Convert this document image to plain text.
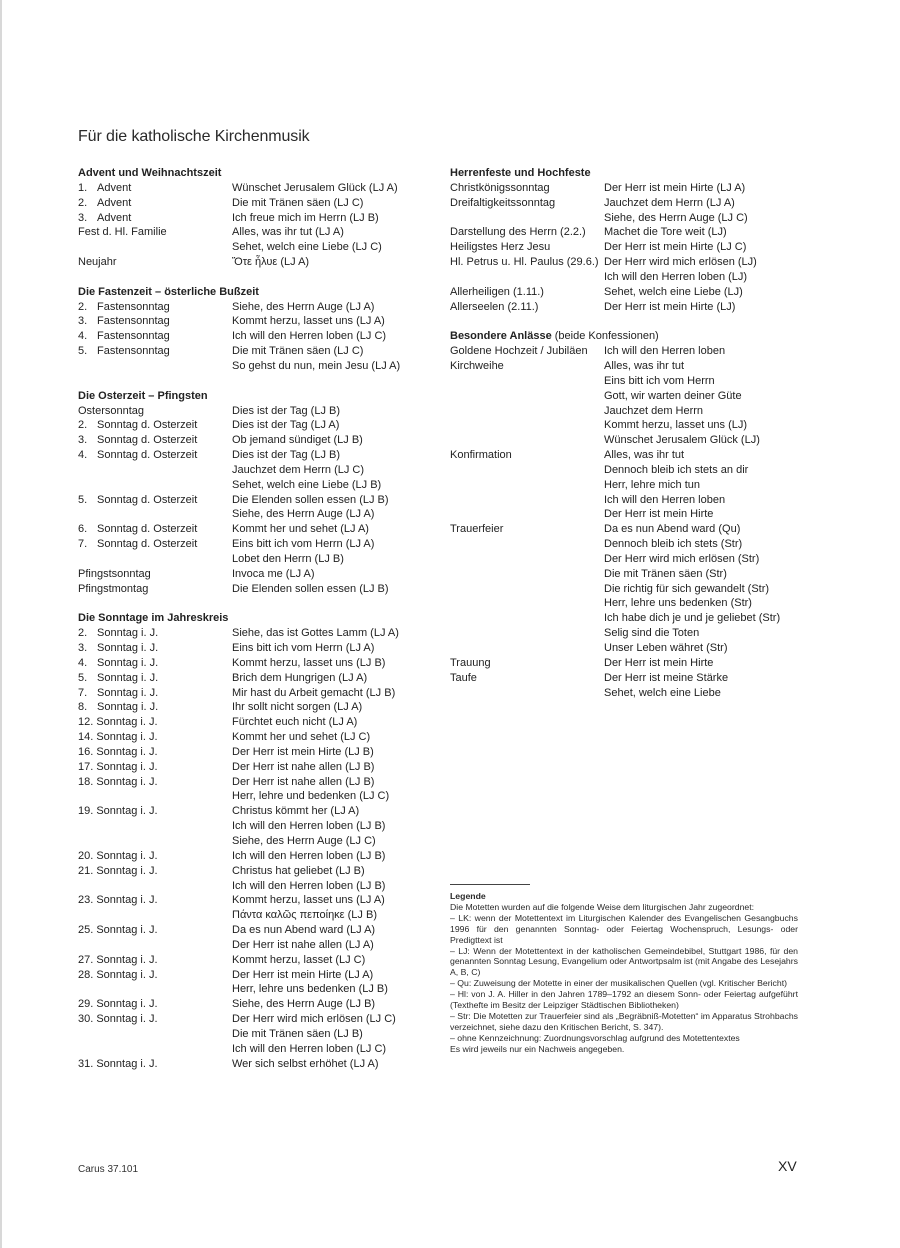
Für die katholische Kirchenmusik
Advent und Weihnachtszeit
1. Advent	Wünschet Jerusalem Glück (LJ A)
2. Advent	Die mit Tränen säen (LJ C)
3. Advent	Ich freue mich im Herrn (LJ B)
Fest d. Hl. Familie	Alles, was ihr tut (LJ A)
Sehet, welch eine Liebe (LJ C)
Neujahr	Ὅτε ἦλυε (LJ A)
Die Fastenzeit – österliche Bußzeit
2. Fastensonntag	Siehe, des Herrn Auge (LJ A)
3. Fastensonntag	Kommt herzu, lasset uns (LJ A)
4. Fastensonntag	Ich will den Herren loben (LJ C)
5. Fastensonntag	Die mit Tränen säen (LJ C)
So gehst du nun, mein Jesu (LJ A)
Die Osterzeit – Pfingsten
Ostersonntag	Dies ist der Tag (LJ B)
2. Sonntag d. Osterzeit	Dies ist der Tag (LJ A)
3. Sonntag d. Osterzeit	Ob jemand sündiget (LJ B)
4. Sonntag d. Osterzeit	Dies ist der Tag (LJ B)
Jauchzet dem Herrn (LJ C)
Sehet, welch eine Liebe (LJ B)
5. Sonntag d. Osterzeit	Die Elenden sollen essen (LJ B)
Siehe, des Herrn Auge (LJ A)
6. Sonntag d. Osterzeit	Kommt her und sehet (LJ A)
7. Sonntag d. Osterzeit	Eins bitt ich vom Herrn (LJ A)
Lobet den Herrn (LJ B)
Pfingstsonntag	Invoca me (LJ A)
Pfingstmontag	Die Elenden sollen essen (LJ B)
Die Sonntage im Jahreskreis
2. Sonntag i. J.	Siehe, das ist Gottes Lamm (LJ A)
3. Sonntag i. J.	Eins bitt ich vom Herrn (LJ A)
4. Sonntag i. J.	Kommt herzu, lasset uns (LJ B)
5. Sonntag i. J.	Brich dem Hungrigen (LJ A)
7. Sonntag i. J.	Mir hast du Arbeit gemacht (LJ B)
8. Sonntag i. J.	Ihr sollt nicht sorgen (LJ A)
12. Sonntag i. J.	Fürchtet euch nicht (LJ A)
14. Sonntag i. J.	Kommt her und sehet (LJ C)
16. Sonntag i. J.	Der Herr ist mein Hirte (LJ B)
17. Sonntag i. J.	Der Herr ist nahe allen (LJ B)
18. Sonntag i. J.	Der Herr ist nahe allen (LJ B)
Herr, lehre und bedenken (LJ C)
19. Sonntag i. J.	Christus kömmt her (LJ A)
Ich will den Herren loben (LJ B)
Siehe, des Herrn Auge (LJ C)
20. Sonntag i. J.	Ich will den Herren loben (LJ B)
21. Sonntag i. J.	Christus hat geliebet (LJ B)
Ich will den Herren loben (LJ B)
23. Sonntag i. J.	Kommt herzu, lasset uns (LJ A)
Πάντα καλῶς πεποίηκε (LJ B)
25. Sonntag i. J.	Da es nun Abend ward (LJ A)
Der Herr ist nahe allen (LJ A)
27. Sonntag i. J.	Kommt herzu, lasset (LJ C)
28. Sonntag i. J.	Der Herr ist mein Hirte (LJ A)
Herr, lehre uns bedenken (LJ B)
29. Sonntag i. J.	Siehe, des Herrn Auge (LJ B)
30. Sonntag i. J.	Der Herr wird mich erlösen (LJ C)
Die mit Tränen säen (LJ B)
Ich will den Herren loben (LJ C)
31. Sonntag i. J.	Wer sich selbst erhöhet (LJ A)
Herrenfeste und Hochfeste
Christkönigssonntag	Der Herr ist mein Hirte (LJ A)
Dreifaltigkeitssonntag	Jauchzet dem Herrn (LJ A)
Siehe, des Herrn Auge (LJ C)
Darstellung des Herrn (2.2.)	Machet die Tore weit (LJ)
Heiligstes Herz Jesu	Der Herr ist mein Hirte (LJ C)
Hl. Petrus u. Hl. Paulus (29.6.) Der Herr wird mich erlösen (LJ)
Ich will den Herren loben (LJ)
Allerheiligen (1.11.)	Sehet, welch eine Liebe (LJ)
Allerseelen (2.11.)	Der Herr ist mein Hirte (LJ)
Besondere Anlässe (beide Konfessionen)
Goldene Hochzeit / Jubiläen	Ich will den Herren loben
Kirchweihe	Alles, was ihr tut
Eins bitt ich vom Herrn
Gott, wir warten deiner Güte
Jauchzet dem Herrn
Kommt herzu, lasset uns (LJ)
Wünschet Jerusalem Glück (LJ)
Konfirmation	Alles, was ihr tut
Dennoch bleib ich stets an dir
Herr, lehre mich tun
Ich will den Herren loben
Der Herr ist mein Hirte
Trauerfeier	Da es nun Abend ward (Qu)
Dennoch bleib ich stets (Str)
Der Herr wird mich erlösen (Str)
Die mit Tränen säen (Str)
Die richtig für sich gewandelt (Str)
Herr, lehre uns bedenken (Str)
Ich habe dich je und je geliebet (Str)
Selig sind die Toten
Unser Leben währet (Str)
Trauung	Der Herr ist mein Hirte
Taufe	Der Herr ist meine Stärke
Sehet, welch eine Liebe
Legende

Die Motetten wurden auf die folgende Weise dem liturgischen Jahr zugeordnet:

– LK: wenn der Motettentext im Liturgischen Kalender des Evangelischen Gesangbuchs 1996 für den genannten Sonntag- oder Feiertag Wochenspruch, Lesungs- oder Predigttext ist

– LJ: Wenn der Motettentext in der katholischen Gemeindebibel, Stuttgart 1986, für den genannten Sonntag Lesung, Evangelium oder Antwortpsalm ist (mit Angabe des Lesejahrs A, B, C)

– Qu: Zuweisung der Motette in einer der musikalischen Quellen (vgl. Kritischer Bericht)

– Hl: von J. A. Hiller in den Jahren 1789–1792 an diesem Sonn- oder Feiertag aufgeführt (Texthefte im Besitz der Leipziger Städtischen Bibliotheken)

– Str: Die Motetten zur Trauerfeier sind als „Begräbniß-Motetten“ im Apparatus Strohbachs verzeichnet, siehe dazu den Kritischen Bericht, S. 347).

– ohne Kennzeichnung: Zuordnungsvorschlag aufgrund des Motettentextes

Es wird jeweils nur ein Nachweis angegeben.

Carus 37.101	XV
